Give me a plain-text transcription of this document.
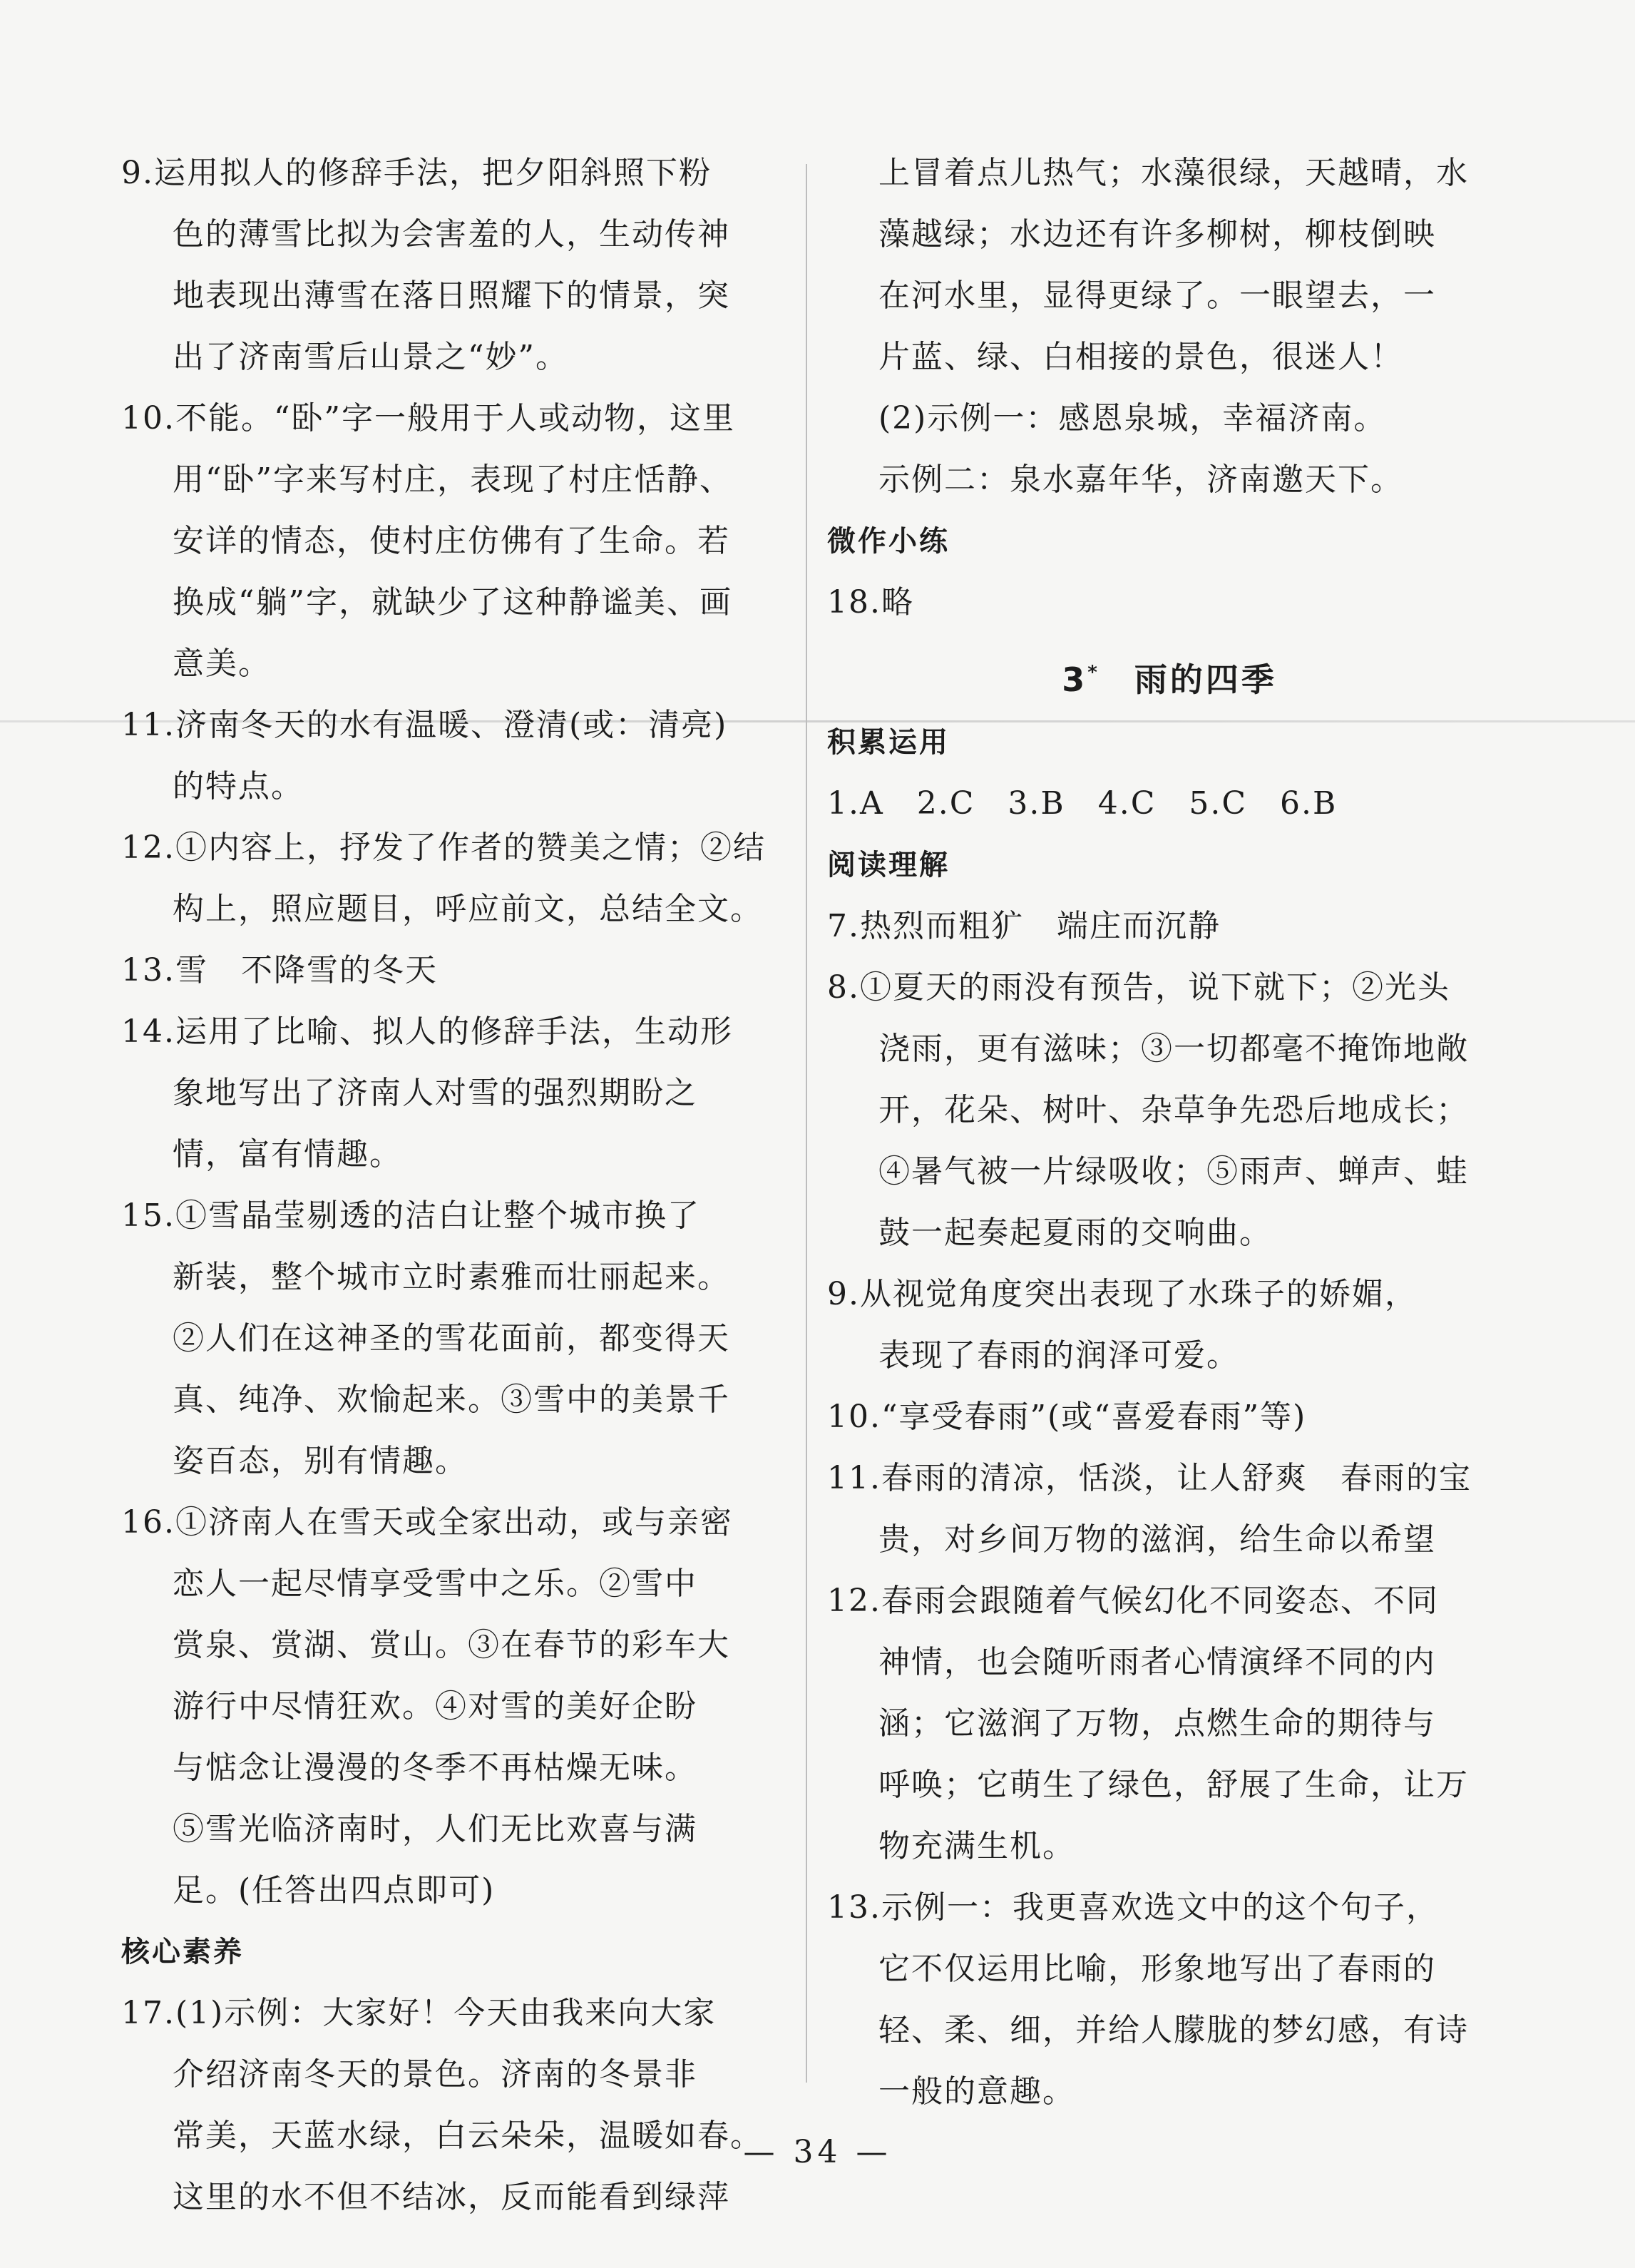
9.运用拟人的修辞手法，把夕阳斜照下粉
色的薄雪比拟为会害羞的人，生动传神
地表现出薄雪在落日照耀下的情景，突
出了济南雪后山景之“妙”。
10.不能。“卧”字一般用于人或动物，这里
用“卧”字来写村庄，表现了村庄恬静、
安详的情态，使村庄仿佛有了生命。若
换成“躺”字，就缺少了这种静谧美、画
意美。
11.济南冬天的水有温暖、澄清(或：清亮)
的特点。
12.①内容上，抒发了作者的赞美之情；②结
构上，照应题目，呼应前文，总结全文。
13.雪　不降雪的冬天
14.运用了比喻、拟人的修辞手法，生动形
象地写出了济南人对雪的强烈期盼之
情，富有情趣。
15.①雪晶莹剔透的洁白让整个城市换了
新装，整个城市立时素雅而壮丽起来。
②人们在这神圣的雪花面前，都变得天
真、纯净、欢愉起来。③雪中的美景千
姿百态，别有情趣。
16.①济南人在雪天或全家出动，或与亲密
恋人一起尽情享受雪中之乐。②雪中
赏泉、赏湖、赏山。③在春节的彩车大
游行中尽情狂欢。④对雪的美好企盼
与惦念让漫漫的冬季不再枯燥无味。
⑤雪光临济南时，人们无比欢喜与满
足。(任答出四点即可)
核心素养
17.(1)示例：大家好！今天由我来向大家
介绍济南冬天的景色。济南的冬景非
常美，天蓝水绿，白云朵朵，温暖如春。
这里的水不但不结冰，反而能看到绿萍
上冒着点儿热气；水藻很绿，天越晴，水
藻越绿；水边还有许多柳树，柳枝倒映
在河水里，显得更绿了。一眼望去，一
片蓝、绿、白相接的景色，很迷人！
(2)示例一：感恩泉城，幸福济南。
示例二：泉水嘉年华，济南邀天下。
微作小练
18.略
3* 雨的四季
积累运用
1.A　2.C　3.B　4.C　5.C　6.B
阅读理解
7.热烈而粗犷　端庄而沉静
8.①夏天的雨没有预告，说下就下；②光头
浇雨，更有滋味；③一切都毫不掩饰地敞
开，花朵、树叶、杂草争先恐后地成长；
④暑气被一片绿吸收；⑤雨声、蝉声、蛙
鼓一起奏起夏雨的交响曲。
9.从视觉角度突出表现了水珠子的娇媚，
表现了春雨的润泽可爱。
10.“享受春雨”(或“喜爱春雨”等)
11.春雨的清凉，恬淡，让人舒爽　春雨的宝
贵，对乡间万物的滋润，给生命以希望
12.春雨会跟随着气候幻化不同姿态、不同
神情，也会随听雨者心情演绎不同的内
涵；它滋润了万物，点燃生命的期待与
呼唤；它萌生了绿色，舒展了生命，让万
物充满生机。
13.示例一：我更喜欢选文中的这个句子，
它不仅运用比喻，形象地写出了春雨的
轻、柔、细，并给人朦胧的梦幻感，有诗
一般的意趣。
— 34 —
